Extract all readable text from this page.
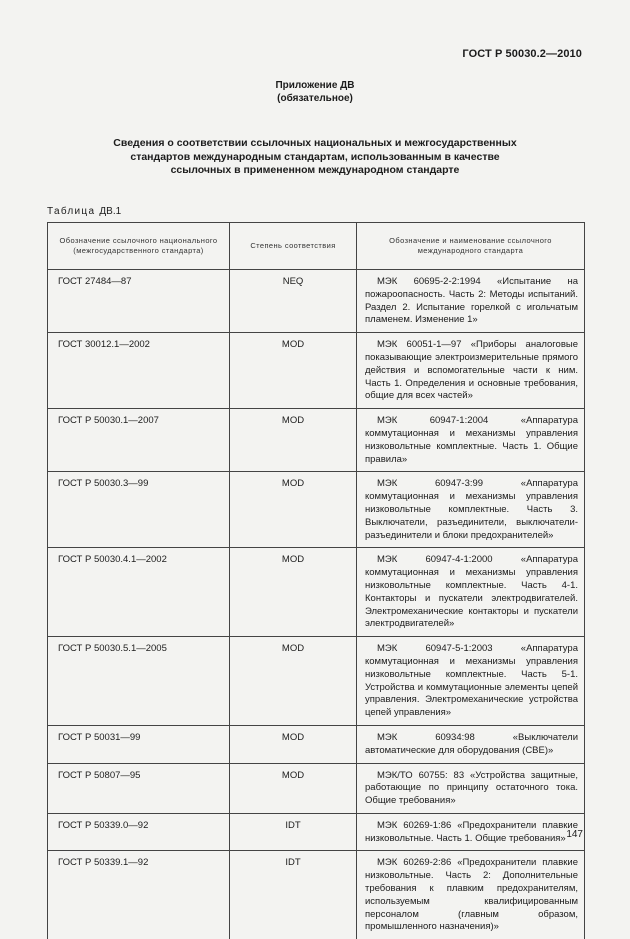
ГОСТ Р 50030.2—2010
Приложение ДВ
(обязательное)
Сведения о соответствии ссылочных национальных и межгосударственных стандартов международным стандартам, использованным в качестве ссылочных в примененном международном стандарте
Таблица ДВ.1
Обозначение ссылочного национального (межгосударственного стандарта)	Степень соответствия	Обозначение и наименование ссылочного международного стандарта
ГОСТ 27484—87	NEQ	МЭК 60695-2-2:1994 «Испытание на пожароопасность. Часть 2: Методы испытаний. Раздел 2. Испытание горелкой с игольчатым пламенем. Изменение 1»
ГОСТ 30012.1—2002	MOD	МЭК 60051-1—97 «Приборы аналоговые показывающие электроизмерительные прямого действия и вспомогательные части к ним. Часть 1. Определения и основные требования, общие для всех частей»
ГОСТ Р 50030.1—2007	MOD	МЭК 60947-1:2004 «Аппаратура коммутационная и механизмы управления низковольтные комплектные. Часть 1. Общие правила»
ГОСТ Р 50030.3—99	MOD	МЭК 60947-3:99 «Аппаратура коммутационная и механизмы управления низковольтные комплектные. Часть 3. Выключатели, разъединители, выключатели-разъединители и блоки предохранителей»
ГОСТ Р 50030.4.1—2002	MOD	МЭК 60947-4-1:2000 «Аппаратура коммутационная и механизмы управления низковольтные комплектные. Часть 4-1. Контакторы и пускатели электродвигателей. Электромеханические контакторы и пускатели электродвигателей»
ГОСТ Р 50030.5.1—2005	MOD	МЭК 60947-5-1:2003 «Аппаратура коммутационная и механизмы управления низковольтные комплектные. Часть 5-1. Устройства и коммутационные элементы цепей управления. Электромеханические устройства цепей управления»
ГОСТ Р 50031—99	MOD	МЭК 60934:98 «Выключатели автоматические для оборудования (СВЕ)»
ГОСТ Р 50807—95	MOD	МЭК/ТО 60755: 83 «Устройства защитные, работающие по принципу остаточного тока. Общие требования»
ГОСТ Р 50339.0—92	IDT	МЭК 60269-1:86 «Предохранители плавкие низковольтные. Часть 1. Общие требования»
ГОСТ Р 50339.1—92	IDT	МЭК 60269-2:86 «Предохранители плавкие низковольтные. Часть 2: Дополнительные требования к плавким предохранителям, используемым квалифицированным персоналом (главным образом, промышленного назначения)»
147
